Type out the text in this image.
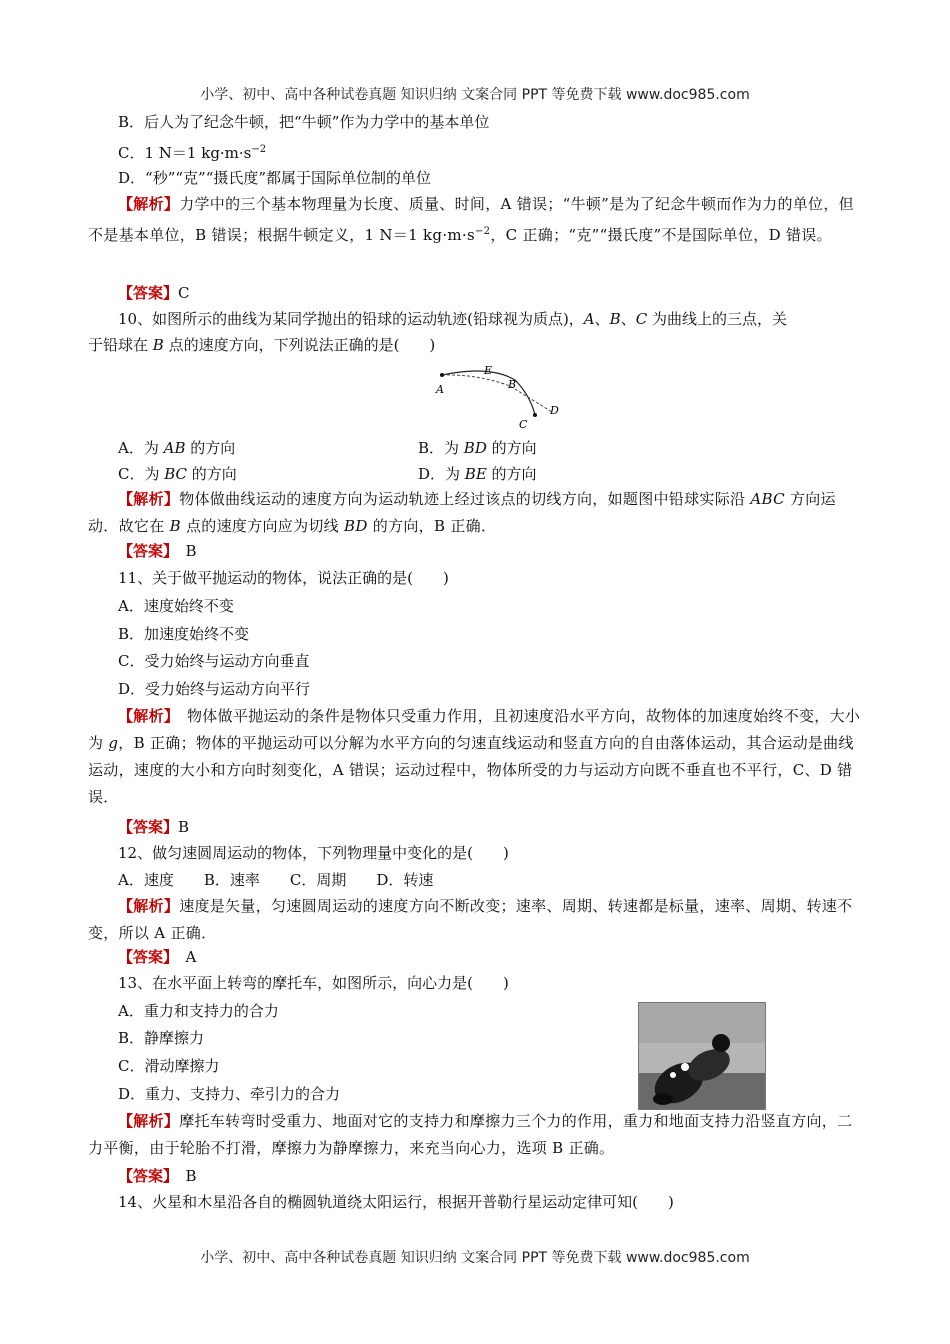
小学、初中、高中各种试卷真题 知识归纳 文案合同 PPT 等免费下载 www.doc985.com
B．后人为了纪念牛顿，把“牛顿”作为力学中的基本单位
C．1 N＝1 $kg\cdot m\cdot s^{-2}$
D．“秒”“克”“摄氏度”都属于国际单位制的单位
【解析】力学中的三个基本物理量为长度、质量、时间，A 错误；“牛顿”是为了纪念牛顿而作为力的单位，但不是基本单位，B 错误；根据牛顿定义，1 N＝1 $kg\cdot m\cdot s^{-2}$，C 正确；“克”“摄氏度”不是国际单位，D 错误。
【答案】C
10、如图所示的曲线为某同学抛出的铅球的运动轨迹(铅球视为质点)，A、B、C 为曲线上的三点，关
于铅球在 B 点的速度方向，下列说法正确的是(　　)
A
E
B
C
D
A．为 AB 的方向	B．为 BD 的方向
C．为 BC 的方向	D．为 BE 的方向
【解析】物体做曲线运动的速度方向为运动轨迹上经过该点的切线方向，如题图中铅球实际沿 ABC 方向运动．故它在 B 点的速度方向应为切线 BD 的方向，B 正确．
【答案】　 B
11、关于做平抛运动的物体，说法正确的是(　　)
A．速度始终不变
B．加速度始终不变
C．受力始终与运动方向垂直
D．受力始终与运动方向平行
【解析】　物体做平抛运动的条件是物体只受重力作用，且初速度沿水平方向，故物体的加速度始终不变，大小为 g，B 正确；物体的平抛运动可以分解为水平方向的匀速直线运动和竖直方向的自由落体运动，其合运动是曲线运动，速度的大小和方向时刻变化，A 错误；运动过程中，物体所受的力与运动方向既不垂直也不平行，C、D 错误．
【答案】B
12、做匀速圆周运动的物体，下列物理量中变化的是(　　)
A．速度　　B．速率　　C．周期　　D．转速
【解析】速度是矢量，匀速圆周运动的速度方向不断改变；速率、周期、转速都是标量，速率、周期、转速不变，所以 A 正确．
【答案】　 A
13、在水平面上转弯的摩托车，如图所示，向心力是(　　)
A．重力和支持力的合力
B．静摩擦力
C．滑动摩擦力
D．重力、支持力、牵引力的合力
【解析】摩托车转弯时受重力、地面对它的支持力和摩擦力三个力的作用，重力和地面支持力沿竖直方向，二力平衡，由于轮胎不打滑，摩擦力为静摩擦力，来充当向心力，选项 B 正确。
【答案】　 B
14、火星和木星沿各自的椭圆轨道绕太阳运行，根据开普勒行星运动定律可知(　　)
小学、初中、高中各种试卷真题 知识归纳 文案合同 PPT 等免费下载 www.doc985.com
